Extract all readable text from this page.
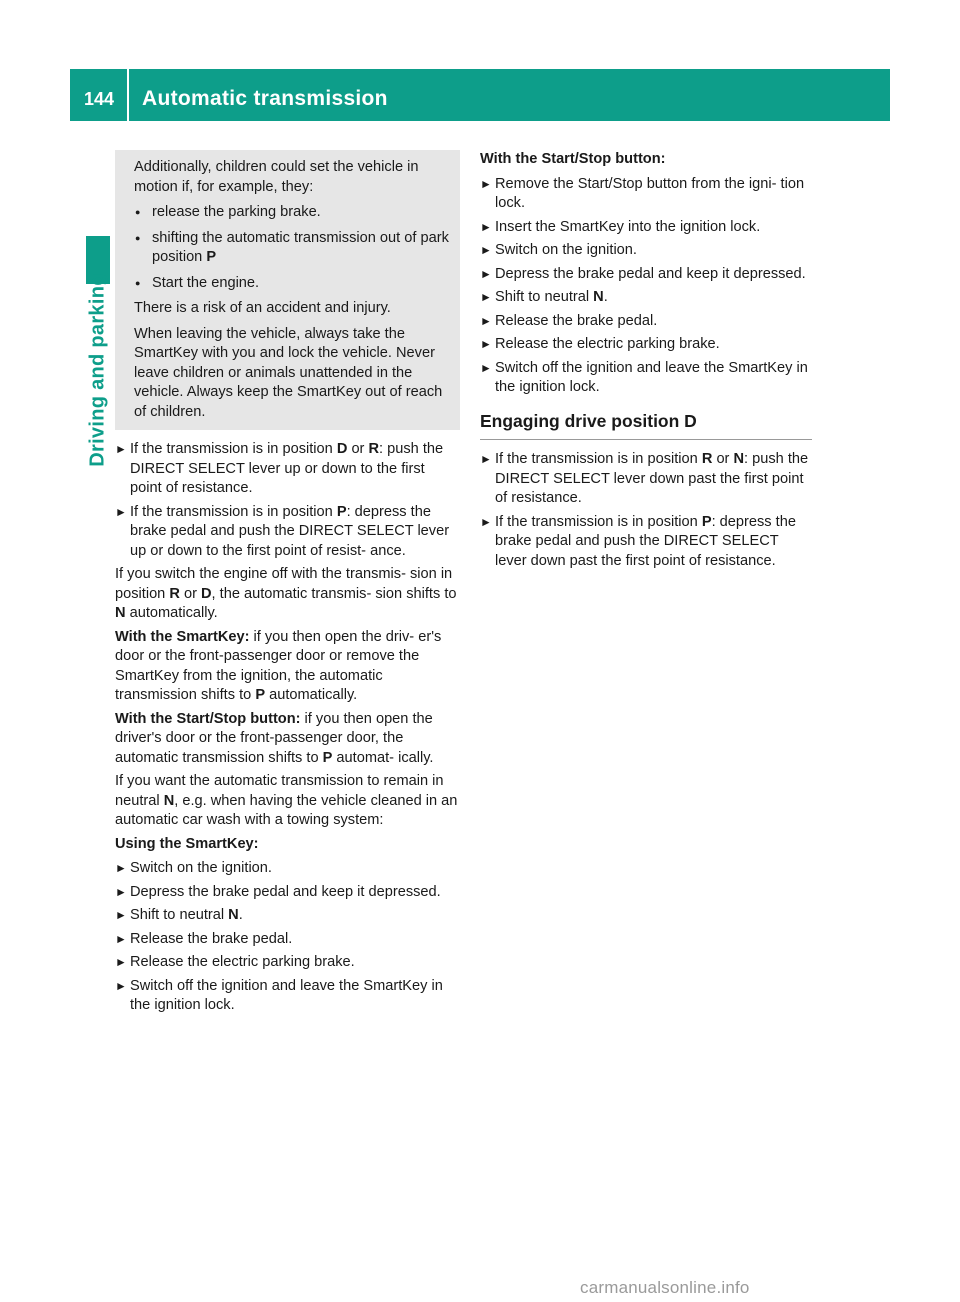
144 Automatic transmission
Driving and parking

Additionally, children could set the vehicle in motion if, for example, they:

● release the parking brake.
● shifting the automatic transmission out of park position P
● Start the engine.

There is a risk of an accident and injury.

When leaving the vehicle, always take the SmartKey with you and lock the vehicle. Never leave children or animals unattended in the vehicle. Always keep the SmartKey out of reach of children.

► If the transmission is in position D or R: push the DIRECT SELECT lever up or down to the first point of resistance.
► If the transmission is in position P: depress the brake pedal and push the DIRECT SELECT lever up or down to the first point of resist- ance.

If you switch the engine off with the transmis- sion in position R or D, the automatic transmis- sion shifts to N automatically.

With the SmartKey: if you then open the driv- er's door or the front-passenger door or remove the SmartKey from the ignition, the automatic transmission shifts to P automatically.

With the Start/Stop button: if you then open the driver's door or the front-passenger door, the automatic transmission shifts to P automat- ically.

If you want the automatic transmission to remain in neutral N, e.g. when having the vehicle cleaned in an automatic car wash with a towing system:

Using the SmartKey:

► Switch on the ignition.
► Depress the brake pedal and keep it depressed.
► Shift to neutral N.
► Release the brake pedal.
► Release the electric parking brake.
► Switch off the ignition and leave the SmartKey in the ignition lock.

With the Start/Stop button:

► Remove the Start/Stop button from the igni- tion lock.
► Insert the SmartKey into the ignition lock.
► Switch on the ignition.
► Depress the brake pedal and keep it depressed.
► Shift to neutral N.
► Release the brake pedal.
► Release the electric parking brake.
► Switch off the ignition and leave the SmartKey in the ignition lock.
Engaging drive position D
► If the transmission is in position R or N: push the DIRECT SELECT lever down past the first point of resistance.
► If the transmission is in position P: depress the brake pedal and push the DIRECT SELECT lever down past the first point of resistance.
carmanualsonline.info
